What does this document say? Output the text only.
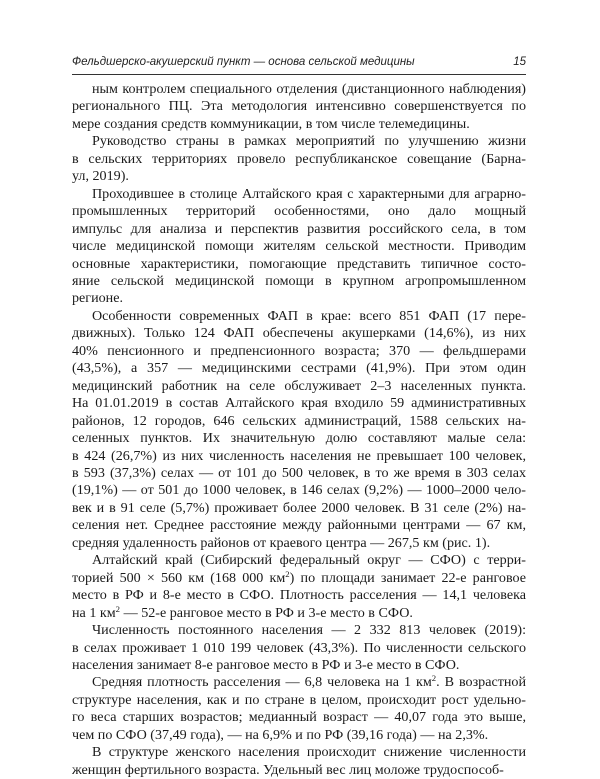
Фельдшерско-акушерский пункт — основа сельской медицины	15

ным контролем специального отделения (дистанционного наблюдения)
регионального ПЦ. Эта методология интенсивно совершенствуется по
мере создания средств коммуникации, в том числе телемедицины.

Руководство страны в рамках мероприятий по улучшению жизни
в сельских территориях провело республиканское совещание (Барна-
ул, 2019).

Проходившее в столице Алтайского края с характерными для аграрно-
промышленных территорий особенностями, оно дало мощный
импульс для анализа и перспектив развития российского села, в том
числе медицинской помощи жителям сельской местности. Приводим
основные характеристики, помогающие представить типичное состо-
яние сельской медицинской помощи в крупном агропромышленном
регионе.

Особенности современных ФАП в крае: всего 851 ФАП (17 пере-
движных). Только 124 ФАП обеспечены акушерками (14,6%), из них
40% пенсионного и предпенсионного возраста; 370 — фельдшерами
(43,5%), а 357 — медицинскими сестрами (41,9%). При этом один
медицинский работник на селе обслуживает 2–3 населенных пункта.
На 01.01.2019 в состав Алтайского края входило 59 административных
районов, 12 городов, 646 сельских администраций, 1588 сельских на-
селенных пунктов. Их значительную долю составляют малые села:
в 424 (26,7%) из них численность населения не превышает 100 человек,
в 593 (37,3%) селах — от 101 до 500 человек, в то же время в 303 селах
(19,1%) — от 501 до 1000 человек, в 146 селах (9,2%) — 1000–2000 чело-
век и в 91 селе (5,7%) проживает более 2000 человек. В 31 селе (2%) на-
селения нет. Среднее расстояние между районными центрами — 67 км,
средняя удаленность районов от краевого центра — 267,5 км (рис. 1).

Алтайский край (Сибирский федеральный округ — СФО) с терри-
торией 500 × 560 км (168 000 $км^2$) по площади занимает 22-е ранговое
место в РФ и 8-е место в СФО. Плотность расселения — 14,1 человека
на 1 $км^2$ — 52-е ранговое место в РФ и 3-е место в СФО.

Численность постоянного населения — 2 332 813 человек (2019):
в селах проживает 1 010 199 человек (43,3%). По численности сельского
населения занимает 8-е ранговое место в РФ и 3-е место в СФО.

Средняя плотность расселения — 6,8 человека на 1 $км^2$. В возрастной
структуре населения, как и по стране в целом, происходит рост удельно-
го веса старших возрастов; медианный возраст — 40,07 года это выше,
чем по СФО (37,49 года), — на 6,9% и по РФ (39,16 года) — на 2,3%.

В структуре женского населения происходит снижение численности
женщин фертильного возраста. Удельный вес лиц моложе трудоспособ-
